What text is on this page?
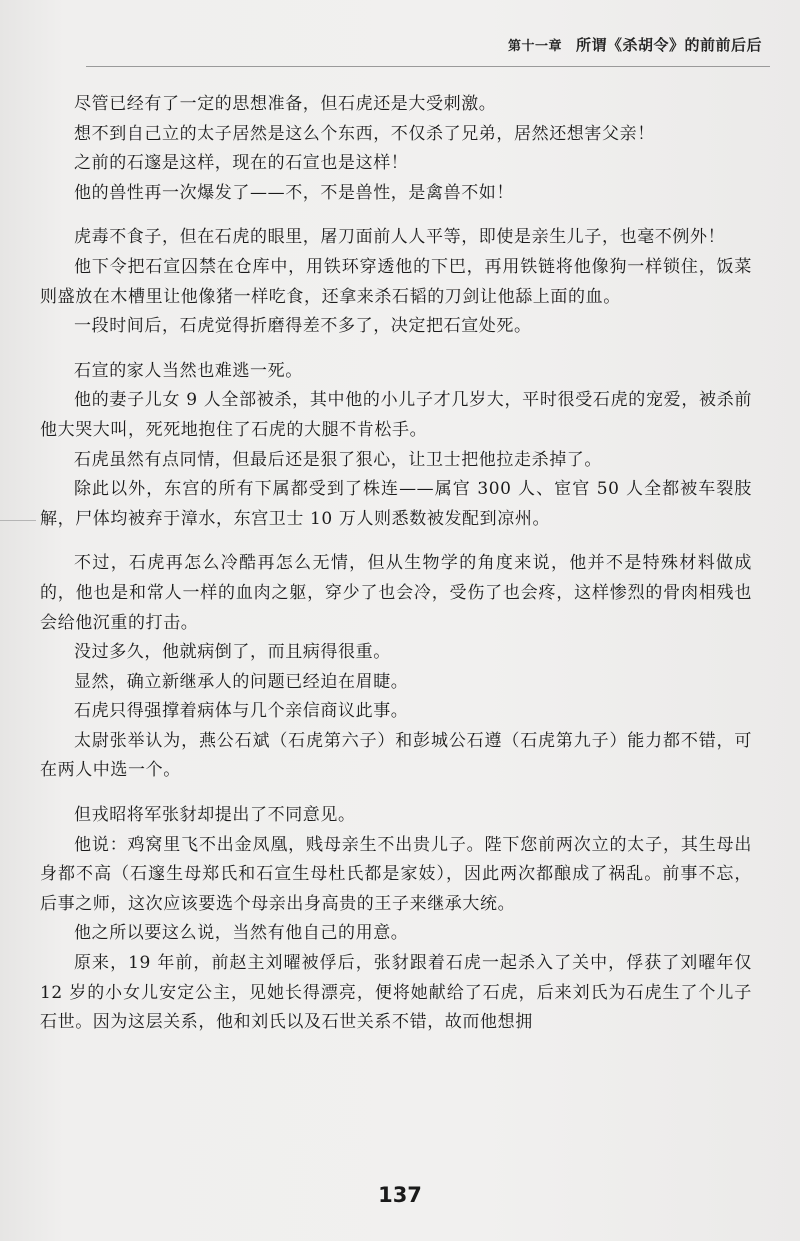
第十一章 所谓《杀胡令》的前前后后

尽管已经有了一定的思想准备，但石虎还是大受刺激。

想不到自己立的太子居然是这么个东西，不仅杀了兄弟，居然还想害父亲！

之前的石邃是这样，现在的石宣也是这样！

他的兽性再一次爆发了——不，不是兽性，是禽兽不如！

虎毒不食子，但在石虎的眼里，屠刀面前人人平等，即使是亲生儿子，也毫不例外！

他下令把石宣囚禁在仓库中，用铁环穿透他的下巴，再用铁链将他像狗一样锁住，饭菜则盛放在木槽里让他像猪一样吃食，还拿来杀石韬的刀剑让他舔上面的血。

一段时间后，石虎觉得折磨得差不多了，决定把石宣处死。

石宣的家人当然也难逃一死。

他的妻子儿女 9 人全部被杀，其中他的小儿子才几岁大，平时很受石虎的宠爱，被杀前他大哭大叫，死死地抱住了石虎的大腿不肯松手。

石虎虽然有点同情，但最后还是狠了狠心，让卫士把他拉走杀掉了。

除此以外，东宫的所有下属都受到了株连——属官 300 人、宦官 50 人全都被车裂肢解，尸体均被弃于漳水，东宫卫士 10 万人则悉数被发配到凉州。

不过，石虎再怎么冷酷再怎么无情，但从生物学的角度来说，他并不是特殊材料做成的，他也是和常人一样的血肉之躯，穿少了也会冷，受伤了也会疼，这样惨烈的骨肉相残也会给他沉重的打击。

没过多久，他就病倒了，而且病得很重。

显然，确立新继承人的问题已经迫在眉睫。

石虎只得强撑着病体与几个亲信商议此事。

太尉张举认为，燕公石斌（石虎第六子）和彭城公石遵（石虎第九子）能力都不错，可在两人中选一个。

但戎昭将军张豺却提出了不同意见。

他说：鸡窝里飞不出金凤凰，贱母亲生不出贵儿子。陛下您前两次立的太子，其生母出身都不高（石邃生母郑氏和石宣生母杜氏都是家妓），因此两次都酿成了祸乱。前事不忘，后事之师，这次应该要选个母亲出身高贵的王子来继承大统。

他之所以要这么说，当然有他自己的用意。

原来，19 年前，前赵主刘曜被俘后，张豺跟着石虎一起杀入了关中，俘获了刘曜年仅 12 岁的小女儿安定公主，见她长得漂亮，便将她献给了石虎，后来刘氏为石虎生了个儿子石世。因为这层关系，他和刘氏以及石世关系不错，故而他想拥

137
